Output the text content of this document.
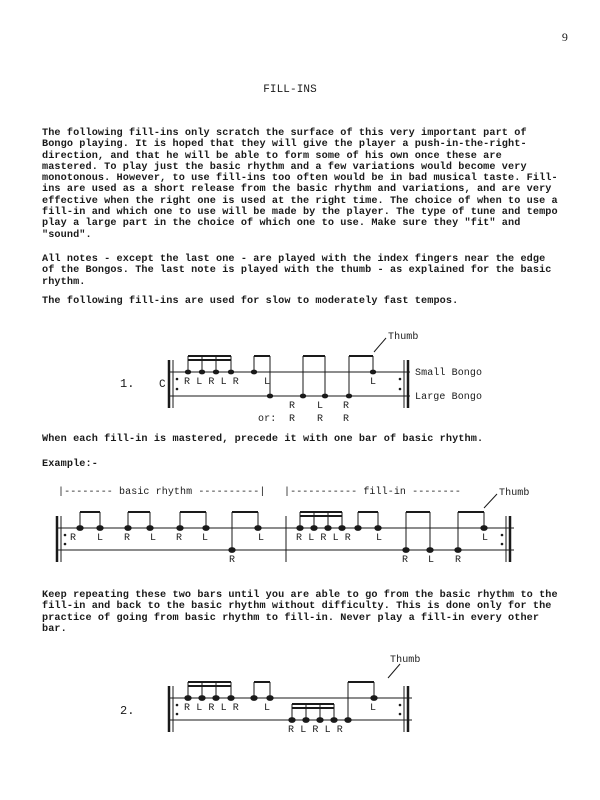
9
FILL-INS

The following fill-ins only scratch the surface of this very important part of Bongo playing. It is hoped that they will give the player a push-in-the-right-direction, and that he will be able to form some of his own once these are mastered. To play just the basic rhythm and a few variations would become very monotonous. However, to use fill-ins too often would be in bad musical taste. Fill-ins are used as a short release from the basic rhythm and variations, and are very effective when the right one is used at the right time. The choice of when to use a fill-in and which one to use will be made by the player. The type of tune and tempo play a large part in the choice of which one to use. Make sure they "fit" and "sound".

All notes - except the last one - are played with the index fingers near the edge of the Bongos. The last note is played with the thumb - as explained for the basic rhythm.

The following fill-ins are used for slow to moderately fast tempos.

1. C
Thumb
R L R L R	L	L
R L R
or: R R R
Small Bongo
Large Bongo

When each fill-in is mastered, precede it with one bar of basic rhythm.

Example:-

|-------- basic rhythm ----------| |----------- fill-in --------	Thumb
R L R L R L	L
R
R L R L R	L	L
R L R

Keep repeating these two bars until you are able to go from the basic rhythm to the fill-in and back to the basic rhythm without difficulty. This is done only for the practice of going from basic rhythm to fill-in. Never play a fill-in every other bar.

2.
Thumb
R L R L R	L	L
R L R L R
